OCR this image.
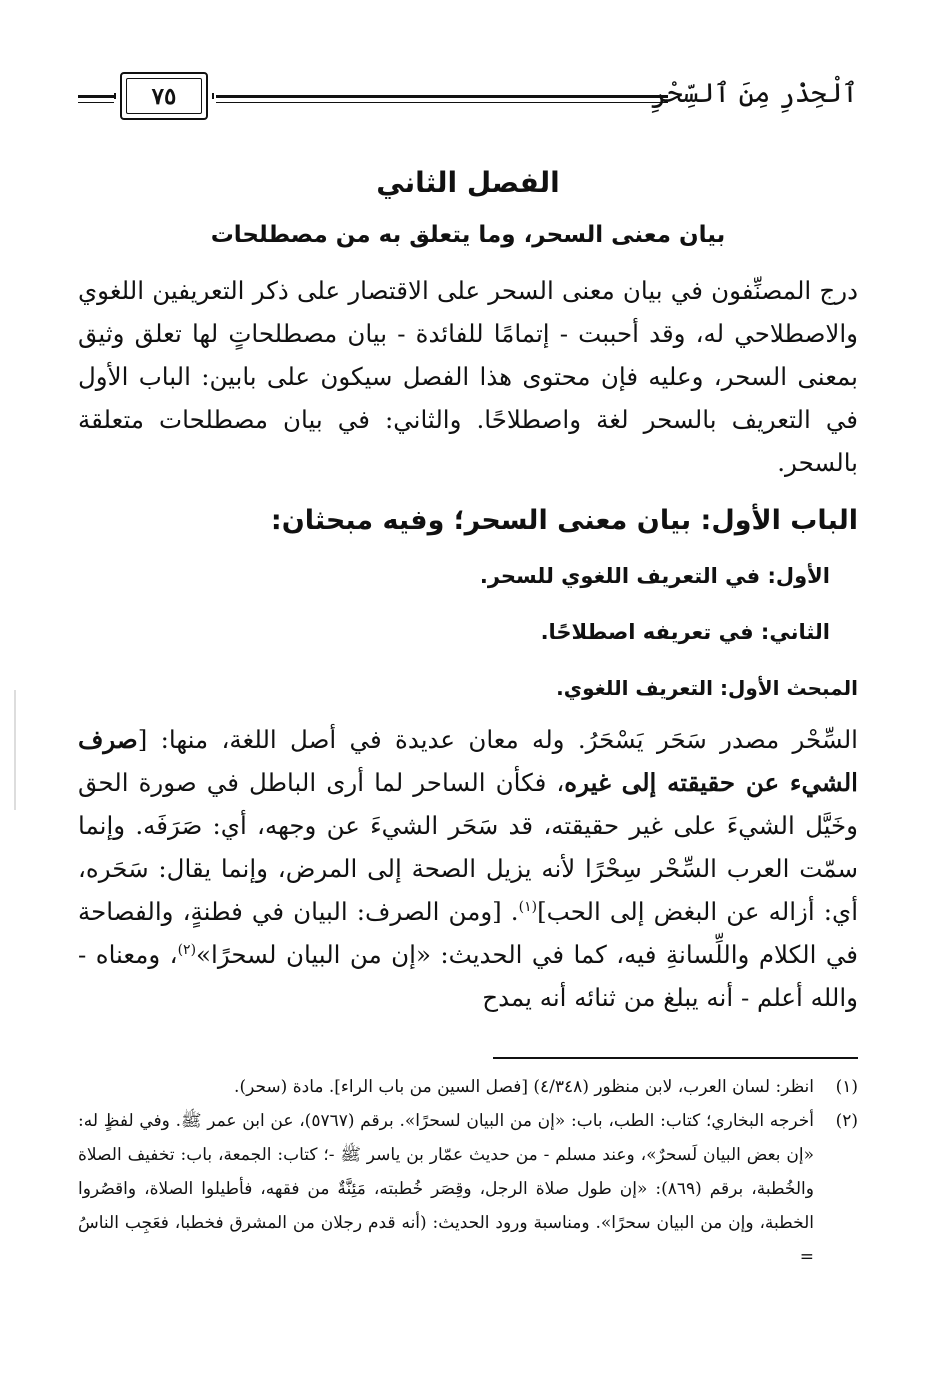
ٱلْحِذْرِ مِنَ ٱلسِّحْرِ
٧٥
الفصل الثاني
بيان معنى السحر، وما يتعلق به من مصطلحات

درج المصنِّفون في بيان معنى السحر على الاقتصار على ذكر التعريفين اللغوي والاصطلاحي له، وقد أحببت - إتمامًا للفائدة - بيان مصطلحاتٍ لها تعلق وثيق بمعنى السحر، وعليه فإن محتوى هذا الفصل سيكون على بابين: الباب الأول في التعريف بالسحر لغة واصطلاحًا. والثاني: في بيان مصطلحات متعلقة بالسحر.

الباب الأول: بيان معنى السحر؛ وفيه مبحثان:
الأول: في التعريف اللغوي للسحر.
الثاني: في تعريفه اصطلاحًا.
المبحث الأول: التعريف اللغوي.

السِّحْر مصدر سَحَر يَسْحَرُ. وله معان عديدة في أصل اللغة، منها: [صرف الشيء عن حقيقته إلى غيره، فكأن الساحر لما أرى الباطل في صورة الحق وخَيَّل الشيءَ على غير حقيقته، قد سَحَر الشيءَ عن وجهه، أي: صَرَفَه. وإنما سمّت العرب السِّحْر سِحْرًا لأنه يزيل الصحة إلى المرض، وإنما يقال: سَحَره، أي: أزاله عن البغض إلى الحب]$^{(١)}$. [ومن الصرف: البيان في فطنةٍ، والفصاحة في الكلام واللِّسانةِ فيه، كما في الحديث: «إن من البيان لسحرًا»$^{(٢)}$، ومعناه - والله أعلم - أنه يبلغ من ثنائه أنه يمدح

(١)
انظر: لسان العرب، لابن منظور (٤/٣٤٨) [فصل السين من باب الراء]. مادة (سحر).
(٢)
أخرجه البخاري؛ كتاب: الطب، باب: «إن من البيان لسحرًا». برقم (٥٧٦٧)، عن ابن عمر ﷺ. وفي لفظٍ له: «إن بعض البيان لَسحرٌ»، وعند مسلم - من حديث عمّار بن ياسر ﷺ -؛ كتاب: الجمعة، باب: تخفيف الصلاة والخُطبة، برقم (٨٦٩): «إن طول صلاة الرجل، وقِصَر خُطبته، مَئِنَّةٌ من فقهه، فأطيلوا الصلاة، واقصُروا الخطبة، وإن من البيان سحرًا». ومناسبة ورود الحديث: (أنه قدم رجلان من المشرق فخطبا، فعَجِب الناسُ =
